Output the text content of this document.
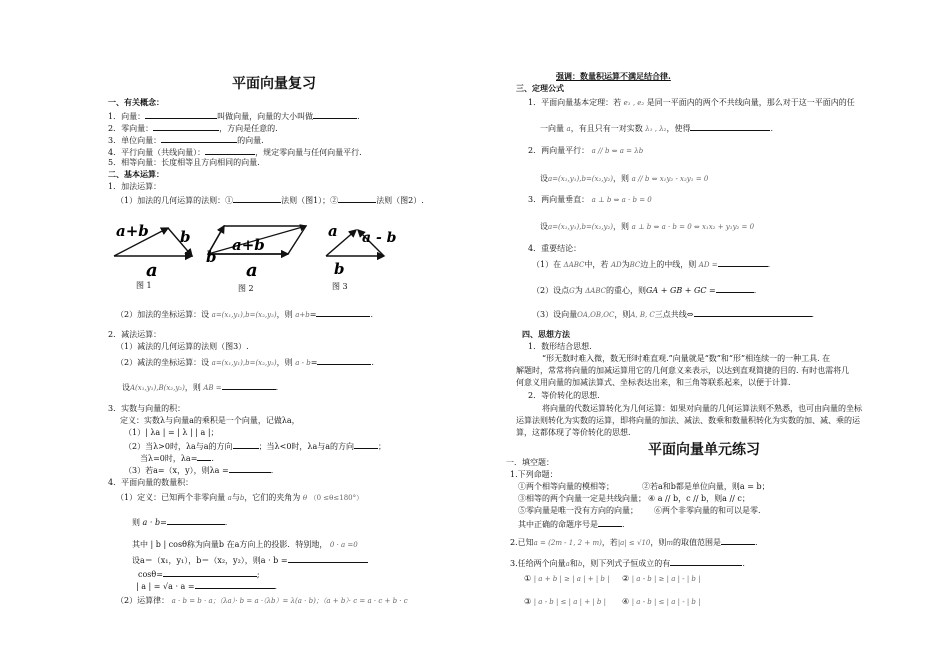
平面向量复习
一、有关概念：
1．向量：	叫做向量，向量的大小叫做	.
2．零向量：	，方向是任意的.
3．单位向量：	的向量.
4．平行向量（共线向量）：	，规定零向量与任何向量平行.
5．相等向量：长度相等且方向相同的向量.
二、基本运算：
1．加法运算：
（1）加法的几何运算的法则：①	法则（图1）；②	法则（图2）.
a+b b
a
a+b
b
a
a a - b
b
图 1	图 2	图 3
（2）加法的坐标运算：设 a=(x₁,y₁),b=(x₂,y₂)，则 a+b=	.
2．减法运算：
（1）减法的几何运算的法则（图3）.
（2）减法的坐标运算：设 a=(x₁,y₁),b=(x₂,y₂)，则 a - b=	.
设A(x₁,y₁),B(x₂,y₂)，则 AB =	.
3．实数与向量的积：
定义：实数λ与向量a的乘积是一个向量，记做λa，
（1）| λa | = | λ | | a |；
（2）当λ>0时，λa与a的方向	；当λ<0时，λa与a的方向	；
当λ=0时，λa= .
（3）若a=（x，y），则λa =	.
4．平面向量的数量积：
（1）定义：已知两个非零向量 a与b，它们的夹角为 θ （0 ≤θ≤180°）
则 a · b=	.
其中 | b | cosθ称为向量b 在a方向上的投影．特别地， 0 · a =0
设a＝（x₁，y₁），b＝（x₂，y₂），则a · b =
cosθ=	;
| a | = √a · a =	.
（2）运算律： a · b = b · a；（λa）· b = a ·（λb）= λ(a · b)；（a + b）· c = a · c + b · c
强调：数量积运算不满足结合律.
三、定理公式
1．平面向量基本定理：若 e₁ , e₂ 是同一平面内的两个不共线向量，那么对于这一平面内的任
一向量 a，有且只有一对实数 λ₁ , λ₂，使得	.
2．两向量平行： a // b ⇔ a = λb
设a=(x₁,y₁),b=(x₂,y₂)，则 a // b ⇔ x₁y₂ - x₂y₁ = 0
3．两向量垂直： a ⊥ b ⇔ a · b = 0
设a=(x₁,y₁),b=(x₂,y₂)，则 a ⊥ b ⇔ a · b = 0 ⇔ x₁x₂ + y₁y₂ = 0
4．重要结论：
（1）在 ΔABC中，若 AD为BC边上的中线，则 AD =	.
（2）设点G为 ΔABC的重心，则GA + GB + GC =	.
（3）设向量OA,OB,OC，则A, B, C三点共线⇔	.
四、思想方法
1．数形结合思想.
“形无数时难入微，数无形时难直观.”向量就是“数”和“形”相连续一的一种工具. 在
解题时，常常将向量的加减运算用它的几何意义来表示，以达到直观简捷的目的. 有时也需将几
何意义用向量的加减法算式、坐标表达出来，和三角等联系起来，以便于计算.
2．等价转化的思想.
将向量的代数运算转化为几何运算：如果对向量的几何运算法则不熟悉，也可由向量的坐标
运算法则转化为实数的运算，即将向量的加法、减法、数乘和数量积转化为实数的加、减、乘的运
算，这都体现了等价转化的思想.
平面向量单元练习
一．填空题：
1.下列命题：
①两个相等向量的模相等；	②若a和b都是单位向量，则a = b；
③相等的两个向量一定是共线向量； ④ a // b，c // b，则a // c；
⑤零向量是唯一没有方向的向量； ⑥两个非零向量的和可以是零.
其中正确的命题序号是	.
2.已知a = (2m - 1, 2 + m)，若|a| ≤ √10，则m的取值范围是	.
3.任给两个向量a和b，则下列式子恒成立的有	.
① | a + b | ≥ | a | + | b | ② | a - b | ≥ | a | - | b |
③ | a - b | ≤ | a | + | b | ④ | a - b | ≤ | a | - | b |
